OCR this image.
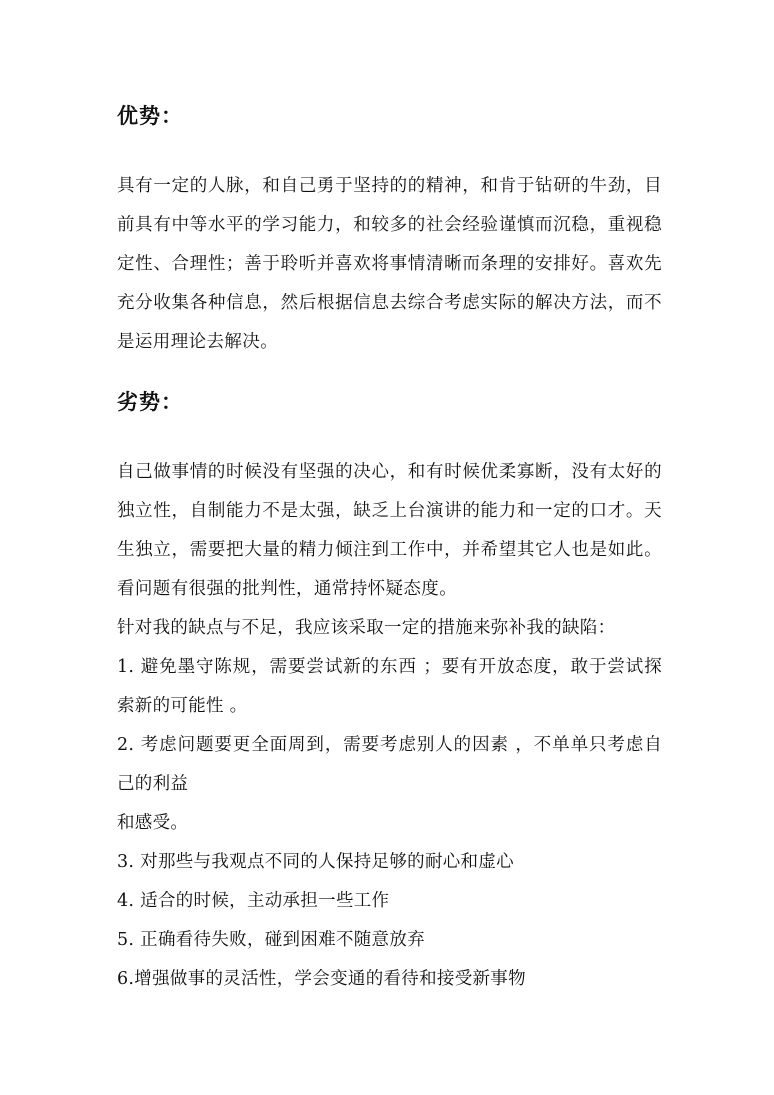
优势：

具有一定的人脉，和自己勇于坚持的的精神，和肯于钻研的牛劲，目前具有中等水平的学习能力，和较多的社会经验谨慎而沉稳，重视稳定性、合理性；善于聆听并喜欢将事情清晰而条理的安排好。喜欢先充分收集各种信息，然后根据信息去综合考虑实际的解决方法，而不是运用理论去解决。

劣势：

自己做事情的时候没有坚强的决心，和有时候优柔寡断，没有太好的独立性，自制能力不是太强，缺乏上台演讲的能力和一定的口才。天生独立，需要把大量的精力倾注到工作中，并希望其它人也是如此。看问题有很强的批判性，通常持怀疑态度。

针对我的缺点与不足，我应该采取一定的措施来弥补我的缺陷：

1. 避免墨守陈规，需要尝试新的东西 ；要有开放态度，敢于尝试探索新的可能性 。

2. 考虑问题要更全面周到，需要考虑别人的因素 ，不单单只考虑自己的利益

和感受。

3. 对那些与我观点不同的人保持足够的耐心和虚心

4. 适合的时候，主动承担一些工作

5. 正确看待失败，碰到困难不随意放弃

6.增强做事的灵活性，学会变通的看待和接受新事物
